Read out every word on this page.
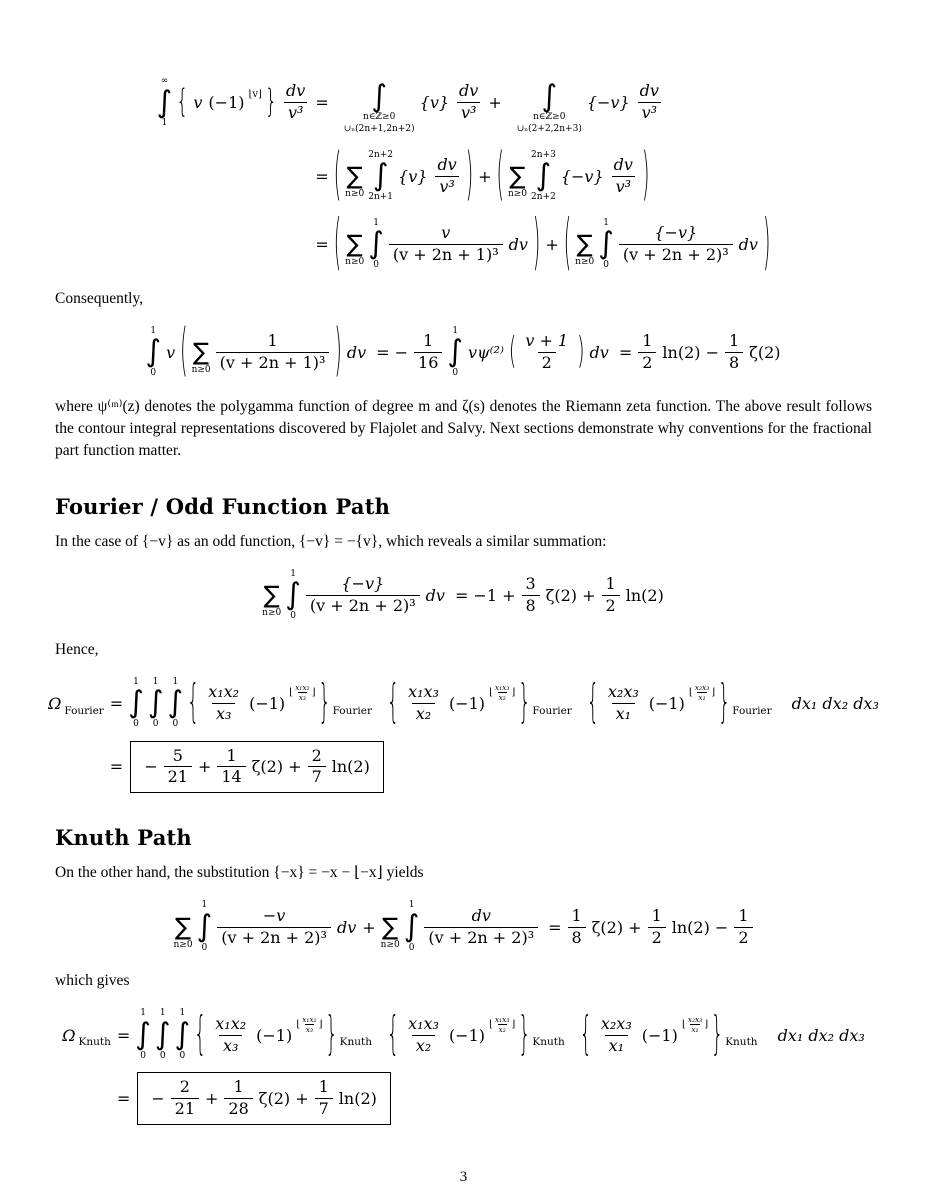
∞
∫
1
{ v (−1) ⌊v⌋ } $\frac{dv}{\text{v³}}$ =
∫
n∈ℤ≥0
∪ₙ(2n+1,2n+2)
$\{v\} \frac{dv}{\text{v³}}$ +
∫
n∈ℤ≥0
∪ₙ(2+2,2n+3)
$\{-v\} \frac{dv}{\text{v³}}$
= (
∑
n≥0
2n+2
∫
2n+1
$\{v\} \frac{dv}{\text{v³}}$ ) + (
∑
n≥0
2n+3
∫
2n+2
$\{-v\} \frac{dv}{\text{v³}}$ )
= (
∑
n≥0
1
∫
$0 \frac{v}{\text{(v + 2n + 1)³}}$ dv ) + (
∑
n≥0
1
∫
$0 \frac{\{-v\}}{\text{(v + 2n + 2)³}}$ dv )

Consequently,

1
∫
0
v (
∑
$n\ge 0 \frac{1}{\text{(v + 2n + 1)³}}$ ) dv = − $\frac{1}{16}$
1
∫
0
vψ⁽²⁾ ( $\frac{v + 1}{2}$ ) dv = $\frac{1}{2} \ln(2) - \frac{1}{8} \zeta(2)$

where ψ⁽ᵐ⁾(z) denotes the polygamma function of degree m and ζ(s) denotes the Riemann zeta function. The above result follows the contour integral representations discovered by Flajolet and Salvy. Next sections demonstrate why conventions for the fractional part function matter.

Fourier / Odd Function Path

In the case of {−v} as an odd function, {−v} = −{v}, which reveals a similar summation:

∑
n≥0
1
∫
$0 \frac{\{-v\}}{\text{(v + 2n + 2)³}}$ dv = $-1 + \frac{3}{8} \zeta(2) + \frac{1}{2} \ln(2)$

Hence,

Ω Fourier =
1
∫
0
1
∫
0
1
∫
0 { $\frac{\text{x₁x₂}}{\text{x₃}} (-1)$
⌊ $\frac{\text{x₁x₂}}{\text{x₃}}$ ⌋ } Fourier { $\frac{\text{x₁x₃}}{\text{x₂}} (-1)$
⌊ $\frac{\text{x₁x₃}}{\text{x₂}}$ ⌋ } Fourier { $\frac{\text{x₂x₃}}{\text{x₁}} (-1)$
⌊ $\frac{\text{x₂x₃}}{\text{x₁}}$ ⌋ } Fourier dx₁ dx₂ dx₃
= − $\frac{5}{21} + \frac{1}{14} \zeta(2) + \frac{2}{7} \ln(2)$
Knuth Path

On the other hand, the substitution {−x} = −x − ⌊−x⌋ yields

∑
n≥0
1
∫
$0 \frac{-v}{\text{(v + 2n + 2)³}}$ dv +
∑
n≥0
1
∫
$0 \frac{dv}{\text{(v + 2n + 2)³}} = \frac{1}{8} \zeta(2) + \frac{1}{2} \ln(2) - \frac{1}{2}$

which gives

Ω Knuth =
1
∫
0
1
∫
0
1
∫
0 { $\frac{\text{x₁x₂}}{\text{x₃}} (-1)$
⌊ $\frac{\text{x₁x₂}}{\text{x₃}}$ ⌋ } Knuth { $\frac{\text{x₁x₃}}{\text{x₂}} (-1)$
⌊ $\frac{\text{x₁x₃}}{\text{x₂}}$ ⌋ } Knuth { $\frac{\text{x₂x₃}}{\text{x₁}} (-1)$
⌊ $\frac{\text{x₂x₃}}{\text{x₁}}$ ⌋ } Knuth dx₁ dx₂ dx₃
= − $\frac{2}{21} + \frac{1}{28} \zeta(2) + \frac{1}{7} \ln(2)$
3
